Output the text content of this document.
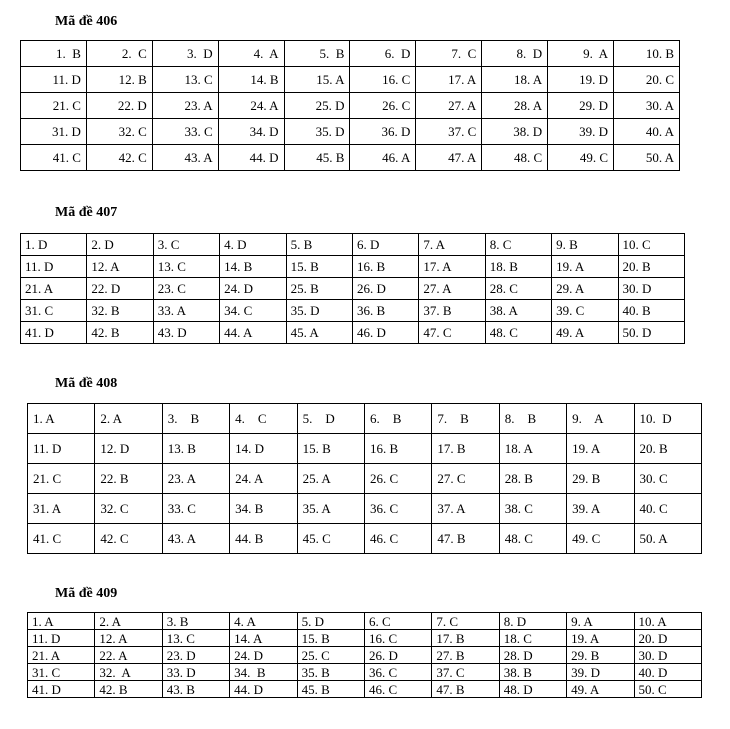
Mã đề 406
1.  B	2.  C	3.  D	4.  A	5.  B	6.  D	7.  C	8.  D	9.  A	10. B
11. D	12. B	13. C	14. B	15. A	16. C	17. A	18. A	19. D	20. C
21. C	22. D	23. A	24. A	25. D	26. C	27. A	28. A	29. D	30. A
31. D	32. C	33. C	34. D	35. D	36. D	37. C	38. D	39. D	40. A
41. C	42. C	43. A	44. D	45. B	46. A	47. A	48. C	49. C	50. A
Mã đề 407
1. D	2. D	3. C	4. D	5. B	6. D	7. A	8. C	9. B	10. C
11. D	12. A	13. C	14. B	15. B	16. B	17. A	18. B	19. A	20. B
21. A	22. D	23. C	24. D	25. B	26. D	27. A	28. C	29. A	30. D
31. C	32. B	33. A	34. C	35. D	36. B	37. B	38. A	39. C	40. B
41. D	42. B	43. D	44. A	45. A	46. D	47. C	48. C	49. A	50. D
Mã đề 408
1. A	2. A	3.    B	4.    C	5.    D	6.    B	7.    B	8.    B	9.    A	10.  D
11. D	12. D	13. B	14. D	15. B	16. B	17. B	18. A	19. A	20. B
21. C	22. B	23. A	24. A	25. A	26. C	27. C	28. B	29. B	30. C
31. A	32. C	33. C	34. B	35. A	36. C	37. A	38. C	39. A	40. C
41. C	42. C	43. A	44. B	45. C	46. C	47. B	48. C	49. C	50. A
Mã đề 409
1. A	2. A	3. B	4. A	5. D	6. C	7. C	8. D	9. A	10. A
11. D	12. A	13. C	14. A	15. B	16. C	17. B	18. C	19. A	20. D
21. A	22. A	23. D	24. D	25. C	26. D	27. B	28. D	29. B	30. D
31. C	32.  A	33. D	34.  B	35. B	36. C	37. C	38. B	39. D	40. D
41. D	42. B	43. B	44. D	45. B	46. C	47. B	48. D	49. A	50. C
